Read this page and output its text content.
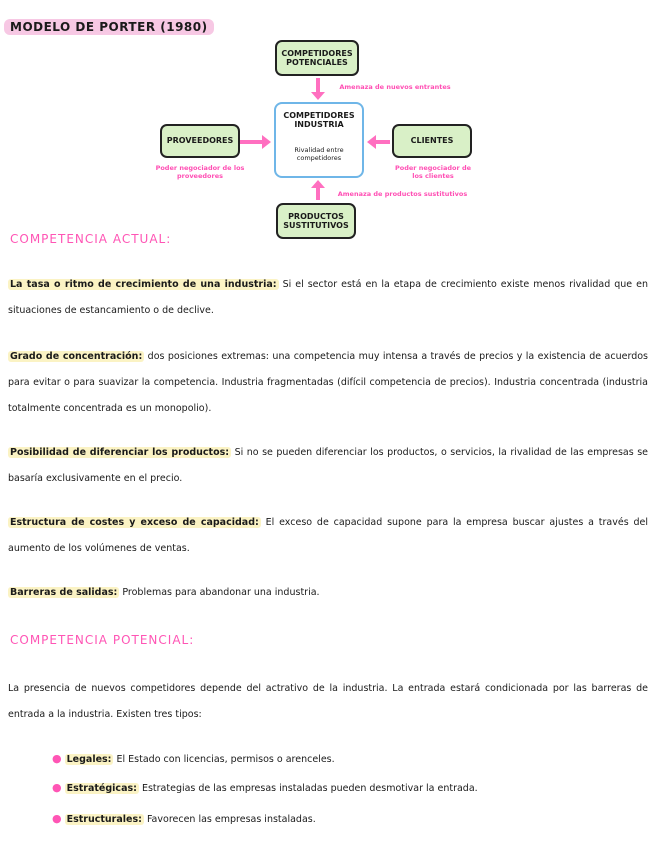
MODELO DE PORTER (1980)
COMPETIDORES POTENCIALES
PROVEEDORES	CLIENTES
PRODUCTOS SUSTITUTIVOS
COMPETIDORES INDUSTRIA
Rivalidad entre competidores
Amenaza de nuevos entrantes
Poder negociador de los proveedores
Poder negociador de los clientes
Amenaza de productos sustitutivos
COMPETENCIA ACTUAL:
La tasa o ritmo de crecimiento de una industria: Si el sector está en la etapa de crecimiento existe menos rivalidad que en situaciones de estancamiento o de declive.
Grado de concentración: dos posiciones extremas: una competencia muy intensa a través de precios y la existencia de acuerdos para evitar o para suavizar la competencia. Industria fragmentadas (difícil competencia de precios). Industria concentrada (industria totalmente concentrada es un monopolio).
Posibilidad de diferenciar los productos: Si no se pueden diferenciar los productos, o servicios, la rivalidad de las empresas se basaría exclusivamente en el precio.
Estructura de costes y exceso de capacidad: El exceso de capacidad supone para la empresa buscar ajustes a través del aumento de los volúmenes de ventas.
Barreras de salidas: Problemas para abandonar una industria.
COMPETENCIA POTENCIAL:
La presencia de nuevos competidores depende del actrativo de la industria. La entrada estará condicionada por las barreras de entrada a la industria. Existen tres tipos:
● Legales: El Estado con licencias, permisos o arenceles.
● Estratégicas: Estrategias de las empresas instaladas pueden desmotivar la entrada.
● Estructurales: Favorecen las empresas instaladas.
